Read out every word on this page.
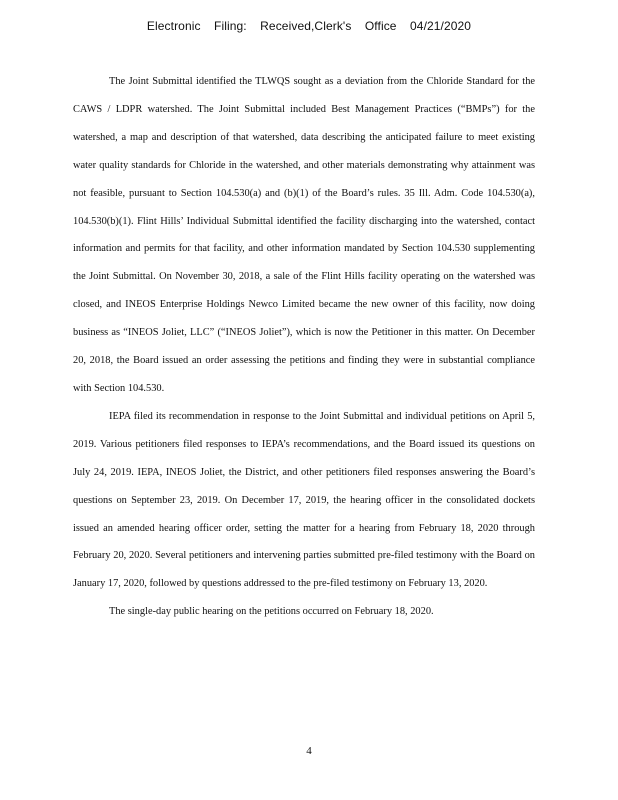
Electronic Filing: Received,Clerk's Office 04/21/2020

The Joint Submittal identified the TLWQS sought as a deviation from the Chloride Standard for the CAWS / LDPR watershed. The Joint Submittal included Best Management Practices (“BMPs”) for the watershed, a map and description of that watershed, data describing the anticipated failure to meet existing water quality standards for Chloride in the watershed, and other materials demonstrating why attainment was not feasible, pursuant to Section 104.530(a) and (b)(1) of the Board’s rules. 35 Ill. Adm. Code 104.530(a), 104.530(b)(1). Flint Hills’ Individual Submittal identified the facility discharging into the watershed, contact information and permits for that facility, and other information mandated by Section 104.530 supplementing the Joint Submittal. On November 30, 2018, a sale of the Flint Hills facility operating on the watershed was closed, and INEOS Enterprise Holdings Newco Limited became the new owner of this facility, now doing business as “INEOS Joliet, LLC” (“INEOS Joliet”), which is now the Petitioner in this matter. On December 20, 2018, the Board issued an order assessing the petitions and finding they were in substantial compliance with Section 104.530.

IEPA filed its recommendation in response to the Joint Submittal and individual petitions on April 5, 2019. Various petitioners filed responses to IEPA’s recommendations, and the Board issued its questions on July 24, 2019. IEPA, INEOS Joliet, the District, and other petitioners filed responses answering the Board’s questions on September 23, 2019. On December 17, 2019, the hearing officer in the consolidated dockets issued an amended hearing officer order, setting the matter for a hearing from February 18, 2020 through February 20, 2020. Several petitioners and intervening parties submitted pre-filed testimony with the Board on January 17, 2020, followed by questions addressed to the pre-filed testimony on February 13, 2020.

The single-day public hearing on the petitions occurred on February 18, 2020.

4
